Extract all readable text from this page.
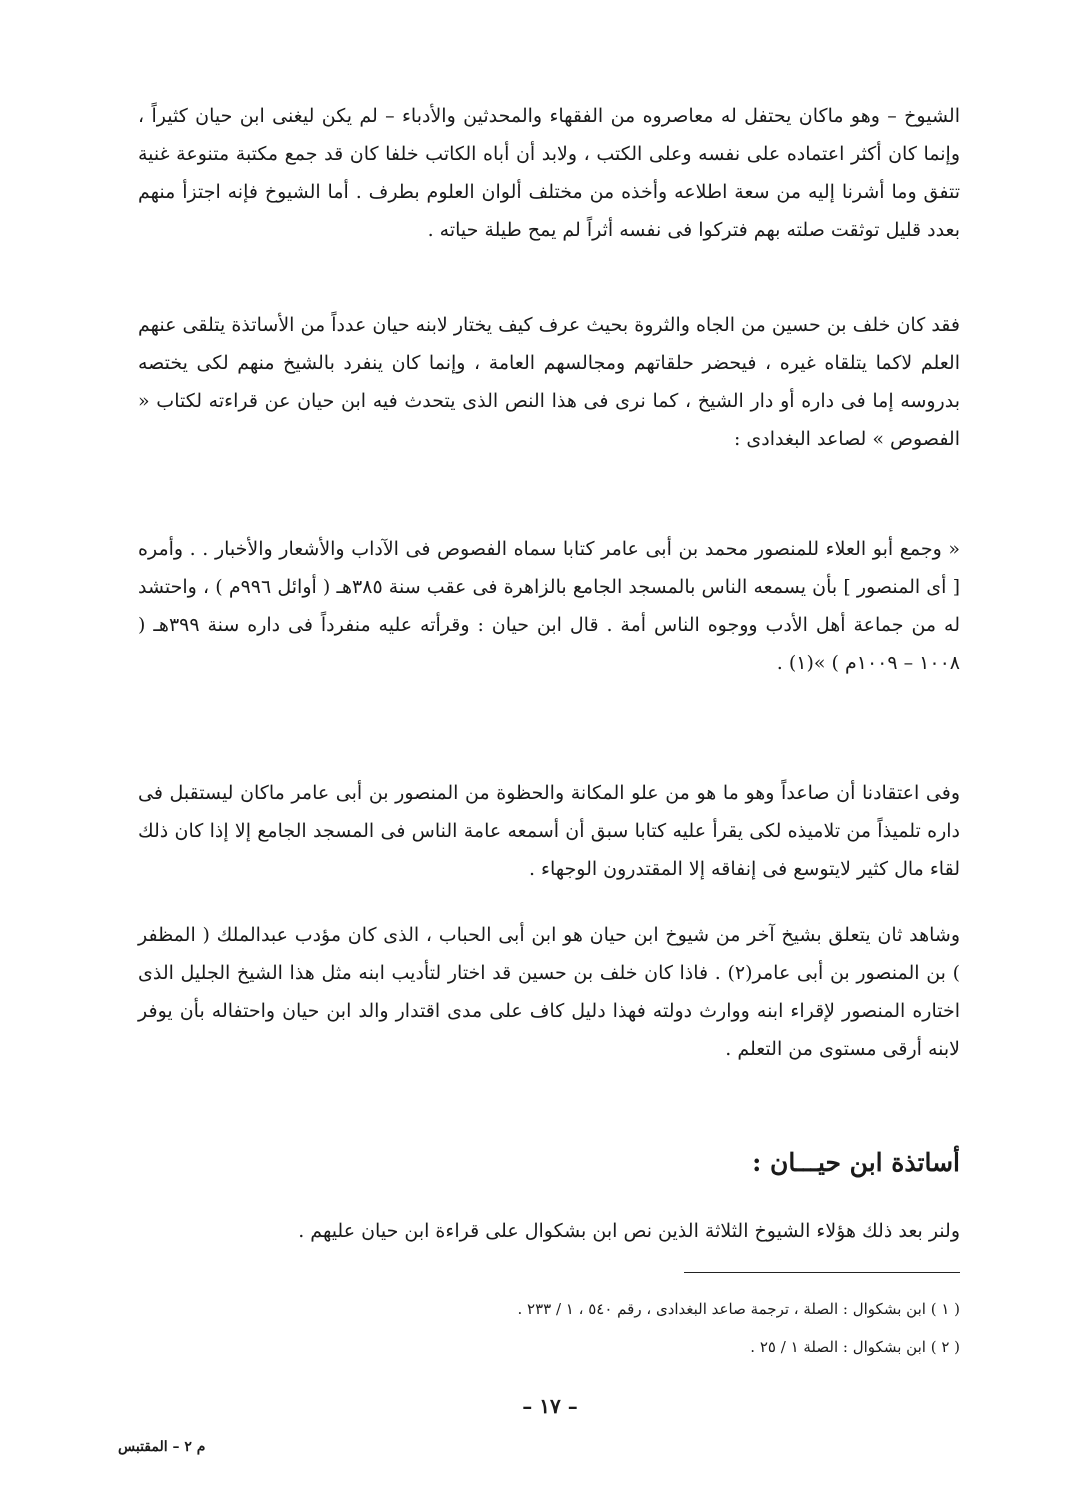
الشيوخ – وهو ماكان يحتفل له معاصروه من الفقهاء والمحدثين والأدباء – لم يكن ليغنى ابن حيان كثيراً ، وإنما كان أكثر اعتماده على نفسه وعلى الكتب ، ولابد أن أباه الكاتب خلفا كان قد جمع مكتبة متنوعة غنية تتفق وما أشرنا إليه من سعة اطلاعه وأخذه من مختلف ألوان العلوم بطرف . أما الشيوخ فإنه اجتزأ منهم بعدد قليل توثقت صلته بهم فتركوا فى نفسه أثراً لم يمح طيلة حياته .

فقد كان خلف بن حسين من الجاه والثروة بحيث عرف كيف يختار لابنه حيان عدداً من الأساتذة يتلقى عنهم العلم لاكما يتلقاه غيره ، فيحضر حلقاتهم ومجالسهم العامة ، وإنما كان ينفرد بالشيخ منهم لكى يختصه بدروسه إما فى داره أو دار الشيخ ، كما نرى فى هذا النص الذى يتحدث فيه ابن حيان عن قراءته لكتاب « الفصوص » لصاعد البغدادى :

« وجمع أبو العلاء للمنصور محمد بن أبى عامر كتابا سماه الفصوص فى الآداب والأشعار والأخبار . . وأمره [ أى المنصور ] بأن يسمعه الناس بالمسجد الجامع بالزاهرة فى عقب سنة ٣٨٥هـ ( أوائل ٩٩٦م ) ، واحتشد له من جماعة أهل الأدب ووجوه الناس أمة . قال ابن حيان : وقرأته عليه منفرداً فى داره سنة ٣٩٩هـ ( ١٠٠٨ – ١٠٠٩م ) »(١) .

وفى اعتقادنا أن صاعداً وهو ما هو من علو المكانة والحظوة من المنصور بن أبى عامر ماكان ليستقبل فى داره تلميذاً من تلاميذه لكى يقرأ عليه كتابا سبق أن أسمعه عامة الناس فى المسجد الجامع إلا إذا كان ذلك لقاء مال كثير لايتوسع فى إنفاقه إلا المقتدرون الوجهاء .

وشاهد ثان يتعلق بشيخ آخر من شيوخ ابن حيان هو ابن أبى الحباب ، الذى كان مؤدب عبدالملك ( المظفر ) بن المنصور بن أبى عامر(٢) . فاذا كان خلف بن حسين قد اختار لتأديب ابنه مثل هذا الشيخ الجليل الذى اختاره المنصور لإقراء ابنه ووارث دولته فهذا دليل كاف على مدى اقتدار والد ابن حيان واحتفاله بأن يوفر لابنه أرقى مستوى من التعلم .

أساتذة ابن حيـــان :

ولنر بعد ذلك هؤلاء الشيوخ الثلاثة الذين نص ابن بشكوال على قراءة ابن حيان عليهم .

( ١ ) ابن بشكوال : الصلة ، ترجمة صاعد البغدادى ، رقم ٥٤٠ ، ١ / ٢٣٣ .
( ٢ ) ابن بشكوال : الصلة ١ / ٢٥ .
– ١٧ –
م ٢ – المقتبس
